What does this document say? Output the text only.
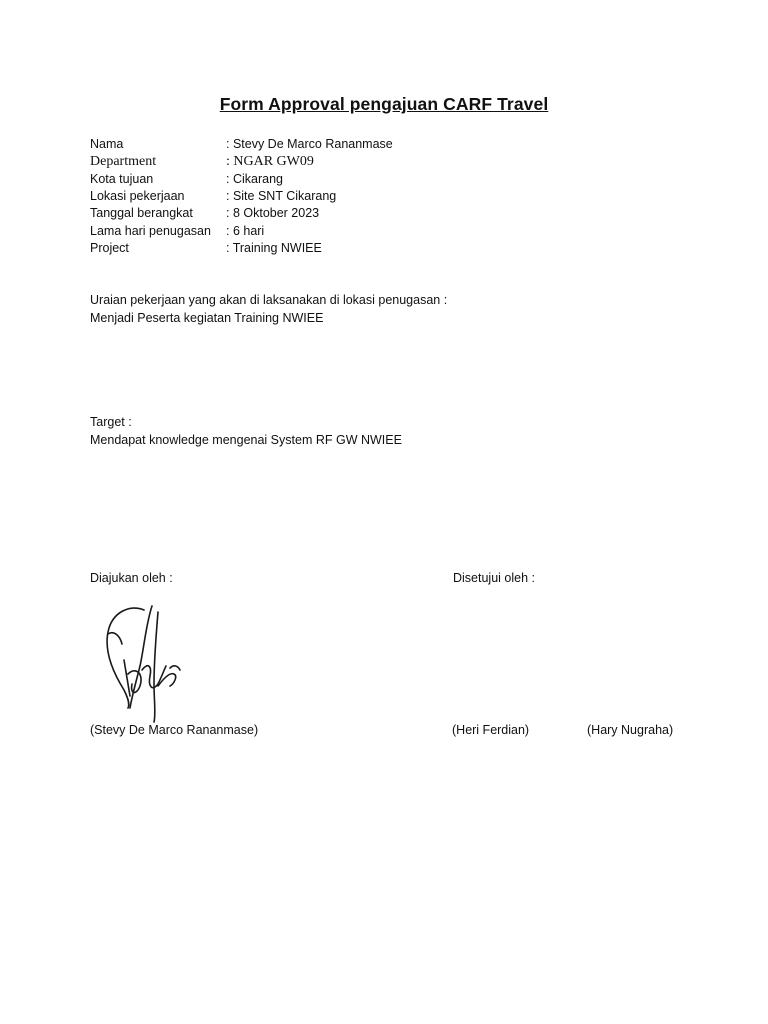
Form Approval pengajuan CARF Travel
Nama	: Stevy De Marco Rananmase
Department	: NGAR GW09
Kota tujuan	: Cikarang
Lokasi pekerjaan	: Site SNT Cikarang
Tanggal berangkat	: 8 Oktober 2023
Lama hari penugasan : 6 hari
Project	: Training NWIEE
Uraian pekerjaan yang akan di laksanakan di lokasi penugasan :
Menjadi Peserta kegiatan Training NWIEE
Target :
Mendapat knowledge mengenai System RF GW NWIEE
Diajukan oleh :	Disetujui oleh :
(Stevy De Marco Rananmase)	(Heri Ferdian)	(Hary Nugraha)
